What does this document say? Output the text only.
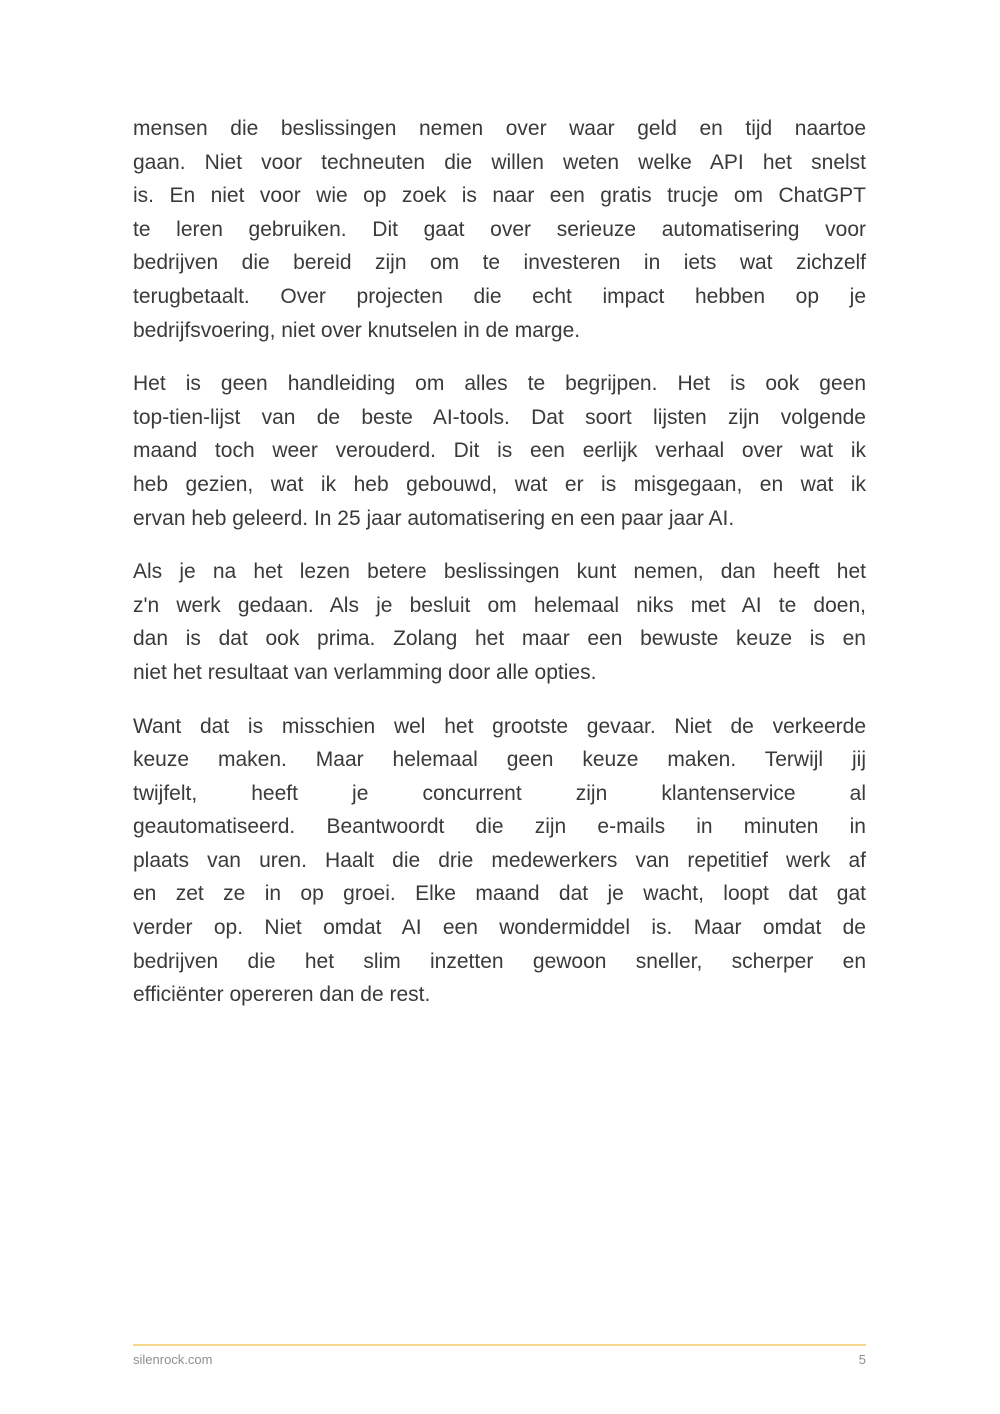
mensen die beslissingen nemen over waar geld en tijd naartoe
gaan. Niet voor techneuten die willen weten welke API het snelst
is. En niet voor wie op zoek is naar een gratis trucje om ChatGPT
te leren gebruiken. Dit gaat over serieuze automatisering voor
bedrijven die bereid zijn om te investeren in iets wat zichzelf
terugbetaalt. Over projecten die echt impact hebben op je
bedrijfsvoering, niet over knutselen in de marge.

Het is geen handleiding om alles te begrijpen. Het is ook geen
top-tien-lijst van de beste AI-tools. Dat soort lijsten zijn volgende
maand toch weer verouderd. Dit is een eerlijk verhaal over wat ik
heb gezien, wat ik heb gebouwd, wat er is misgegaan, en wat ik
ervan heb geleerd. In 25 jaar automatisering en een paar jaar AI.

Als je na het lezen betere beslissingen kunt nemen, dan heeft het
z'n werk gedaan. Als je besluit om helemaal niks met AI te doen,
dan is dat ook prima. Zolang het maar een bewuste keuze is en
niet het resultaat van verlamming door alle opties.

Want dat is misschien wel het grootste gevaar. Niet de verkeerde
keuze maken. Maar helemaal geen keuze maken. Terwijl jij
twijfelt, heeft je concurrent zijn klantenservice al
geautomatiseerd. Beantwoordt die zijn e-mails in minuten in
plaats van uren. Haalt die drie medewerkers van repetitief werk af
en zet ze in op groei. Elke maand dat je wacht, loopt dat gat
verder op. Niet omdat AI een wondermiddel is. Maar omdat de
bedrijven die het slim inzetten gewoon sneller, scherper en
efficiënter opereren dan de rest.

silenrock.com	5
